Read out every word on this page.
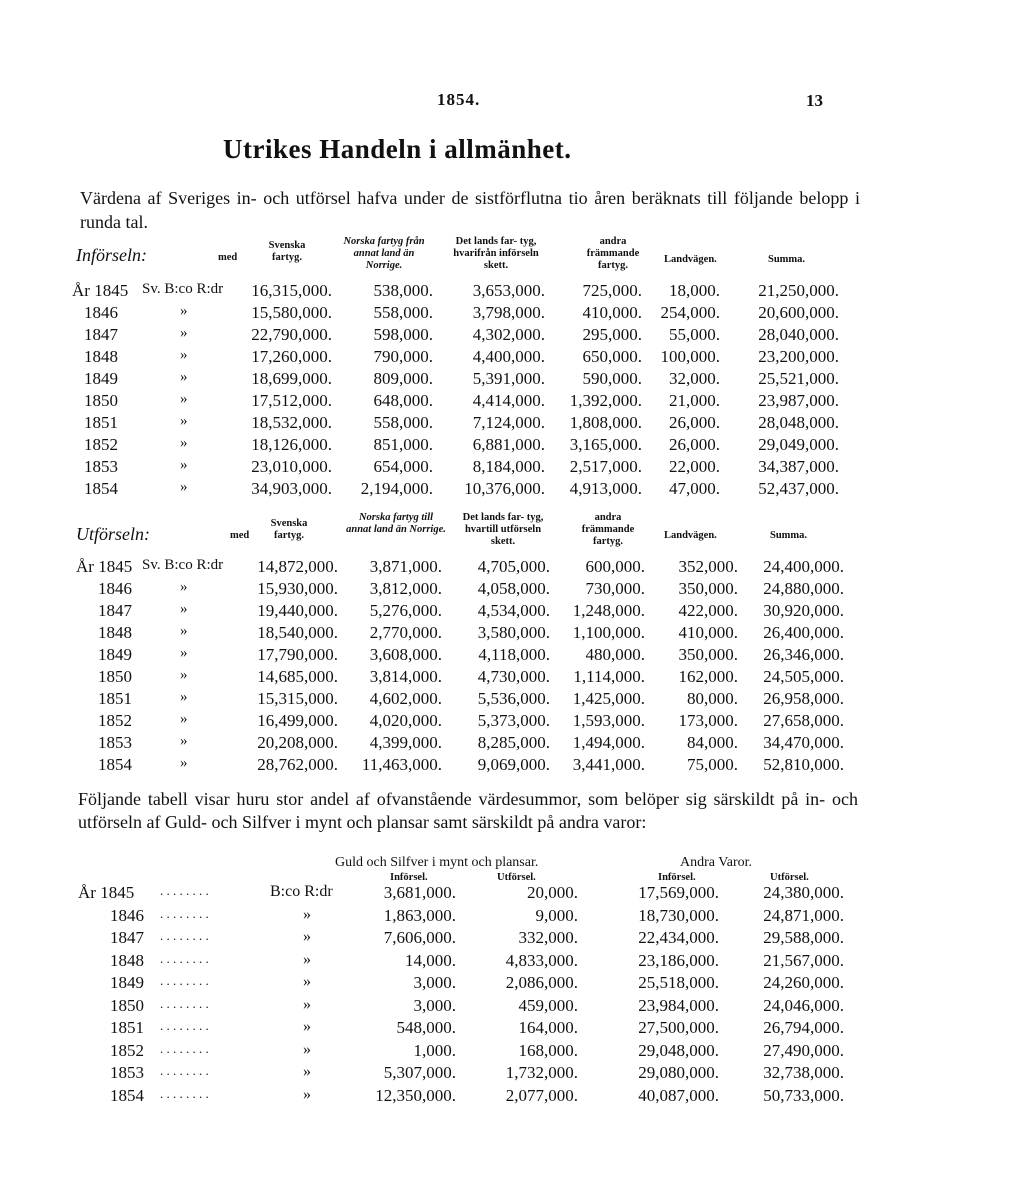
1854.	13
Utrikes Handeln i allmänhet.
Värdena af Sveriges in- och utförsel hafva under de sistförflutna tio åren beräknats till följande belopp i runda tal.
Införseln:	med
Svenska fartyg.
Norska fartyg från annat land än Norrige.
Det lands far- tyg, hvarifrån införseln skett.
andra främmande fartyg.
Landvägen.	Summa.
År 1845 Sv. B:co R:dr 16,315,000. 538,000. 3,653,000. 725,000. 18,000. 21,250,000.
1846	»	15,580,000. 558,000. 3,798,000. 410,000. 254,000. 20,600,000.
1847	»	22,790,000. 598,000. 4,302,000. 295,000. 55,000. 28,040,000.
1848	»	17,260,000. 790,000. 4,400,000. 650,000. 100,000. 23,200,000.
1849	»	18,699,000. 809,000. 5,391,000. 590,000. 32,000. 25,521,000.
1850	»	17,512,000. 648,000. 4,414,000. 1,392,000. 21,000. 23,987,000.
1851	»	18,532,000. 558,000. 7,124,000. 1,808,000. 26,000. 28,048,000.
1852	»	18,126,000. 851,000. 6,881,000. 3,165,000. 26,000. 29,049,000.
1853	»	23,010,000. 654,000. 8,184,000. 2,517,000. 22,000. 34,387,000.
1854	»	34,903,000. 2,194,000. 10,376,000. 4,913,000. 47,000. 52,437,000.
Utförseln:	med
Svenska fartyg.
Norska fartyg till annat land än Norrige.
Det lands far- tyg, hvartill utförseln skett.
andra främmande fartyg.
Landvägen.	Summa.
År 1845 Sv. B:co R:dr 14,872,000. 3,871,000. 4,705,000. 600,000. 352,000. 24,400,000.
1846	»	15,930,000. 3,812,000. 4,058,000. 730,000. 350,000. 24,880,000.
1847	»	19,440,000. 5,276,000. 4,534,000. 1,248,000. 422,000. 30,920,000.
1848	»	18,540,000. 2,770,000. 3,580,000. 1,100,000. 410,000. 26,400,000.
1849	»	17,790,000. 3,608,000. 4,118,000. 480,000. 350,000. 26,346,000.
1850	»	14,685,000. 3,814,000. 4,730,000. 1,114,000. 162,000. 24,505,000.
1851	»	15,315,000. 4,602,000. 5,536,000. 1,425,000. 80,000. 26,958,000.
1852	»	16,499,000. 4,020,000. 5,373,000. 1,593,000. 173,000. 27,658,000.
1853	»	20,208,000. 4,399,000. 8,285,000. 1,494,000. 84,000. 34,470,000.
1854	»	28,762,000. 11,463,000. 9,069,000. 3,441,000. 75,000. 52,810,000.
Följande tabell visar huru stor andel af ofvanstående värdesummor, som belöper sig särskildt på in- och utförseln af Guld- och Silfver i mynt och plansar samt särskildt på andra varor:
Guld och Silfver i mynt och plansar.	Andra Varor.
Införsel.	Utförsel.	Införsel.	Utförsel.
År 1845 . . . . . . . .	B:co R:dr	3,681,000.	20,000.	17,569,000.	24,380,000.
1846 . . . . . . . .	»	1,863,000.	9,000.	18,730,000.	24,871,000.
1847 . . . . . . . .	»	7,606,000.	332,000.	22,434,000.	29,588,000.
1848 . . . . . . . .	»	14,000.	4,833,000.	23,186,000.	21,567,000.
1849 . . . . . . . .	»	3,000.	2,086,000.	25,518,000.	24,260,000.
1850 . . . . . . . .	»	3,000.	459,000.	23,984,000.	24,046,000.
1851 . . . . . . . .	»	548,000.	164,000.	27,500,000.	26,794,000.
1852 . . . . . . . .	»	1,000.	168,000.	29,048,000.	27,490,000.
1853 . . . . . . . .	»	5,307,000.	1,732,000.	29,080,000.	32,738,000.
1854 . . . . . . . .	»	12,350,000.	2,077,000.	40,087,000.	50,733,000.
